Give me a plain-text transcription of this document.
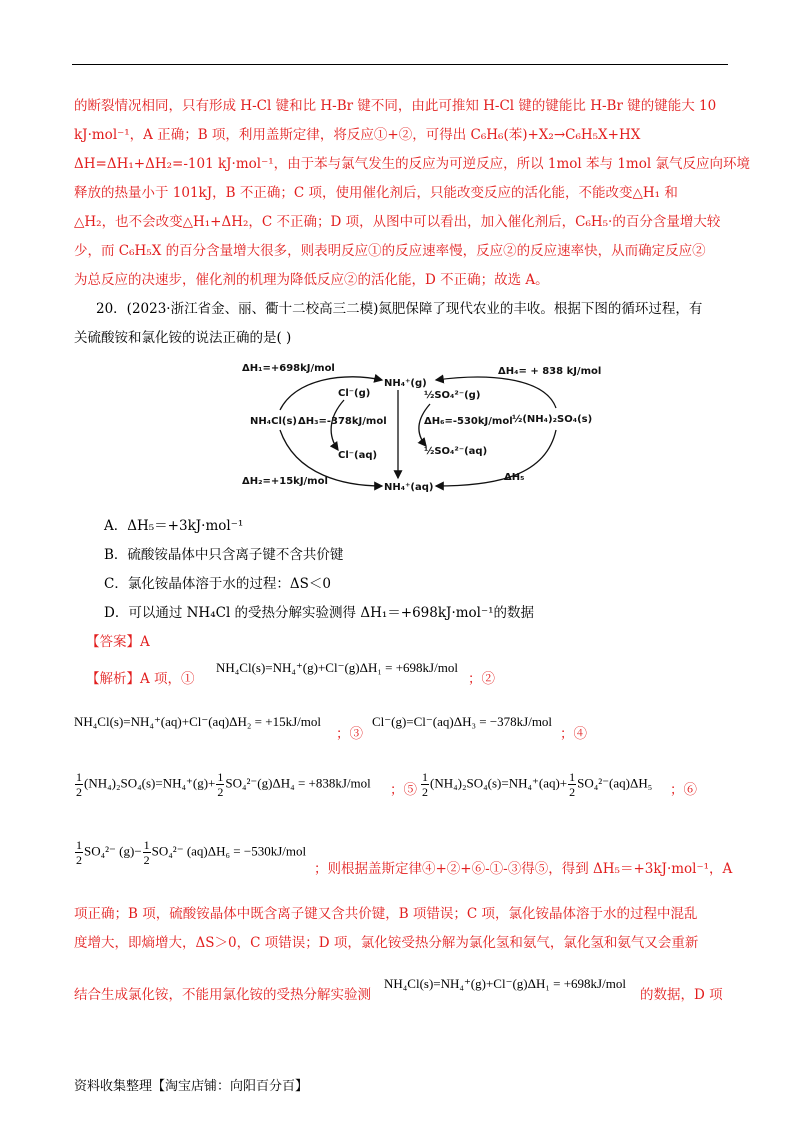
的断裂情况相同，只有形成 H-Cl 键和比 H-Br 键不同，由此可推知 H-Cl 键的键能比 H-Br 键的键能大 10
kJ·mol⁻¹，A 正确；B 项，利用盖斯定律，将反应①+②，可得出 C₆H₆(苯)+X₂→C₆H₅X+HX
ΔH=ΔH₁+ΔH₂=-101 kJ·mol⁻¹，由于苯与氯气发生的反应为可逆反应，所以 1mol 苯与 1mol 氯气反应向环境
释放的热量小于 101kJ，B 不正确；C 项，使用催化剂后，只能改变反应的活化能，不能改变△H₁ 和
△H₂，也不会改变△H₁+ΔH₂，C 不正确；D 项，从图中可以看出，加入催化剂后，C₆H₅·的百分含量增大较
少，而 C₆H₅X 的百分含量增大很多，则表明反应①的反应速率慢，反应②的反应速率快，从而确定反应②
为总反应的决速步，催化剂的机理为降低反应②的活化能，D 不正确；故选 A。
20．(2023·浙江省金、丽、衢十二校高三二模)氮肥保障了现代农业的丰收。根据下图的循环过程，有
关硫酸铵和氯化铵的说法正确的是( )
ΔH₁=+698kJ/mol
NH₄⁺(g)
ΔH₄= + 838 kJ/mol
Cl⁻(g)	½SO₄²⁻(g)
NH₄Cl(s) ΔH₃=-378kJ/mol	ΔH₆=-530kJ/mol ½(NH₄)₂SO₄(s)
Cl⁻(aq)	½SO₄²⁻(aq)
ΔH₂=+15kJ/mol
NH₄⁺(aq)
ΔH₅
A．ΔH₅＝+3kJ·mol⁻¹
B．硫酸铵晶体中只含离子键不含共价键
C．氯化铵晶体溶于水的过程：ΔS＜0
D．可以通过 NH₄Cl 的受热分解实验测得 ΔH₁＝+698kJ·mol⁻¹的数据
【答案】A
【解析】A 项，①
NH₄Cl(s)=NH₄⁺(g)+Cl⁻(g)ΔH₁ = +698kJ/mol
；②
NH₄Cl(s)=NH₄⁺(aq)+Cl⁻(aq)ΔH₂ = +15kJ/mol
；③
Cl⁻(g)=Cl⁻(aq)ΔH₃ = −378kJ/mol
；④
$\frac{1}{2} (NH_4)_2SO_4(s)=NH_4^+(g)+ \frac{1}{2} SO_4^{2-}(g)\Delta H_4 = +838kJ/mol$ ；⑤ $\frac{1}{2} (NH_4)_2SO_4(s)=NH_4^+(aq)+ \frac{1}{2} SO_4^{2-}(aq)\Delta H_5$ ；⑥
$\frac{1}{2} SO_4^{2-}$ $(g)- \frac{1}{2} SO_4^{2-}$ (aq)ΔH₆ = −530kJ/mol
；则根据盖斯定律④+②+⑥-①-③得⑤，得到 ΔH₅＝+3kJ·mol⁻¹，A
项正确；B 项，硫酸铵晶体中既含离子键又含共价键，B 项错误；C 项，氯化铵晶体溶于水的过程中混乱
度增大，即熵增大，ΔS＞0，C 项错误；D 项，氯化铵受热分解为氯化氢和氨气，氯化氢和氨气又会重新
结合生成氯化铵，不能用氯化铵的受热分解实验测
NH₄Cl(s)=NH₄⁺(g)+Cl⁻(g)ΔH₁ = +698kJ/mol
的数据，D 项
资料收集整理【淘宝店铺：向阳百分百】
